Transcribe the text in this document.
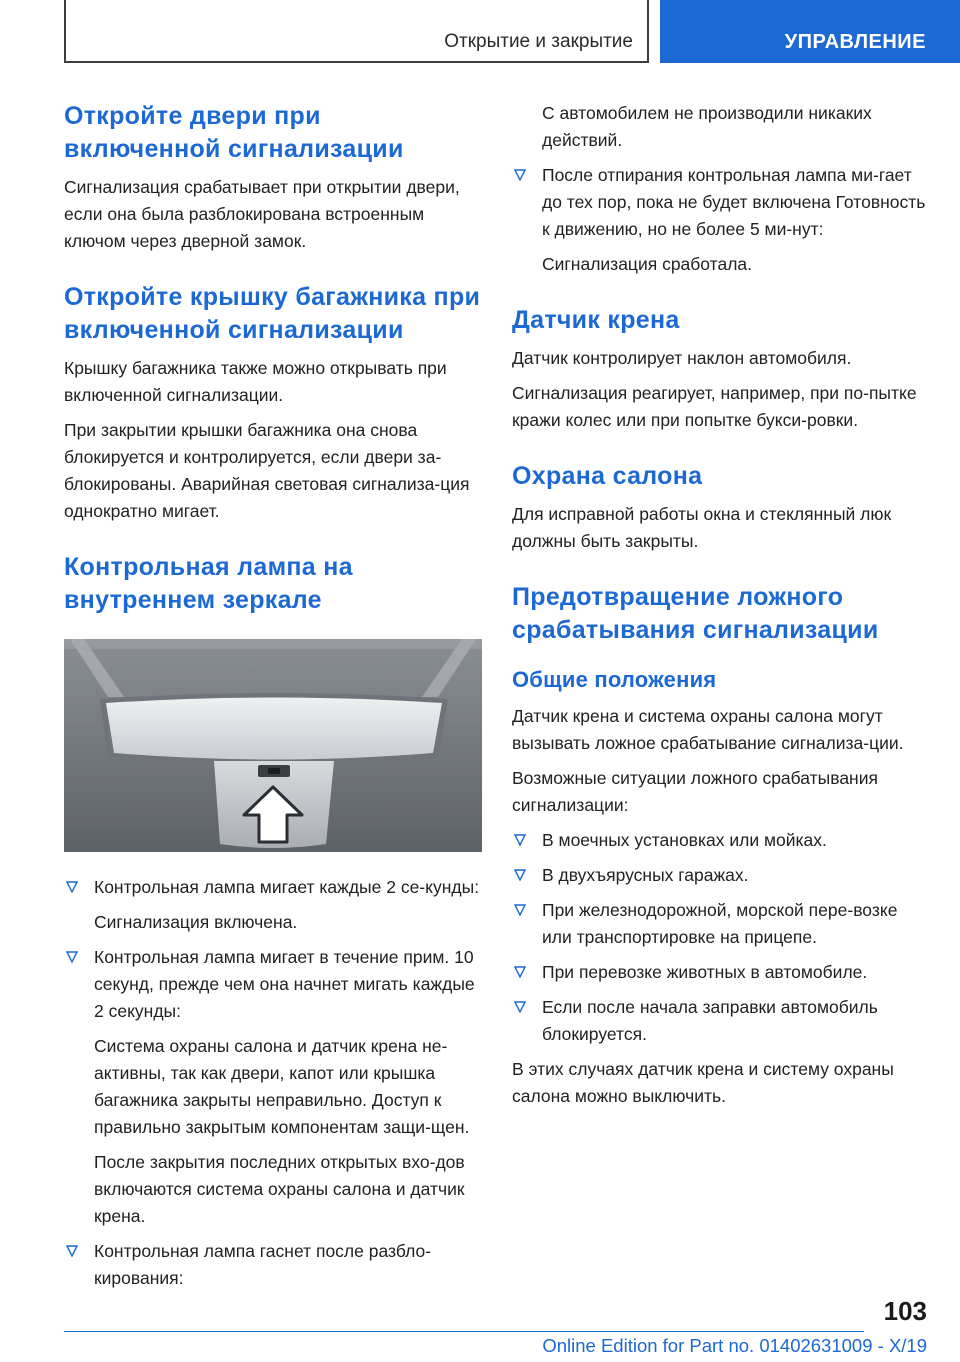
Открытие и закрытие	УПРАВЛЕНИЕ
Откройте двери при включенной сигнализации

Сигнализация срабатывает при открытии двери, если она была разблокирована встроенным ключом через дверной замок.

Откройте крышку багажника при включенной сигнализации

Крышку багажника также можно открывать при включенной сигнализации.

При закрытии крышки багажника она снова блокируется и контролируется, если двери за-блокированы. Аварийная световая сигнализа-ция однократно мигает.

Контрольная лампа на внутреннем зеркале

Контрольная лампа мигает каждые 2 се-кунды:

Сигнализация включена.

Контрольная лампа мигает в течение прим. 10 секунд, прежде чем она начнет мигать каждые 2 секунды:

Система охраны салона и датчик крена не-активны, так как двери, капот или крышка багажника закрыты неправильно. Доступ к правильно закрытым компонентам защи-щен.

После закрытия последних открытых вхо-дов включаются система охраны салона и датчик крена.

Контрольная лампа гаснет после разбло-кирования:

С автомобилем не производили никаких действий.

После отпирания контрольная лампа ми-гает до тех пор, пока не будет включена Готовность к движению, но не более 5 ми-нут:

Сигнализация сработала.

Датчик крена

Датчик контролирует наклон автомобиля.

Сигнализация реагирует, например, при по-пытке кражи колес или при попытке букси-ровки.

Охрана салона

Для исправной работы окна и стеклянный люк должны быть закрыты.

Предотвращение ложного срабатывания сигнализации
Общие положения

Датчик крена и система охраны салона могут вызывать ложное срабатывание сигнализа-ции.

Возможные ситуации ложного срабатывания сигнализации:

В моечных установках или мойках.

В двухъярусных гаражах.

При железнодорожной, морской пере-возке или транспортировке на прицепе.

При перевозке животных в автомобиле.

Если после начала заправки автомобиль блокируется.

В этих случаях датчик крена и систему охраны салона можно выключить.

103
Online Edition for Part no. 01402631009 - X/19
